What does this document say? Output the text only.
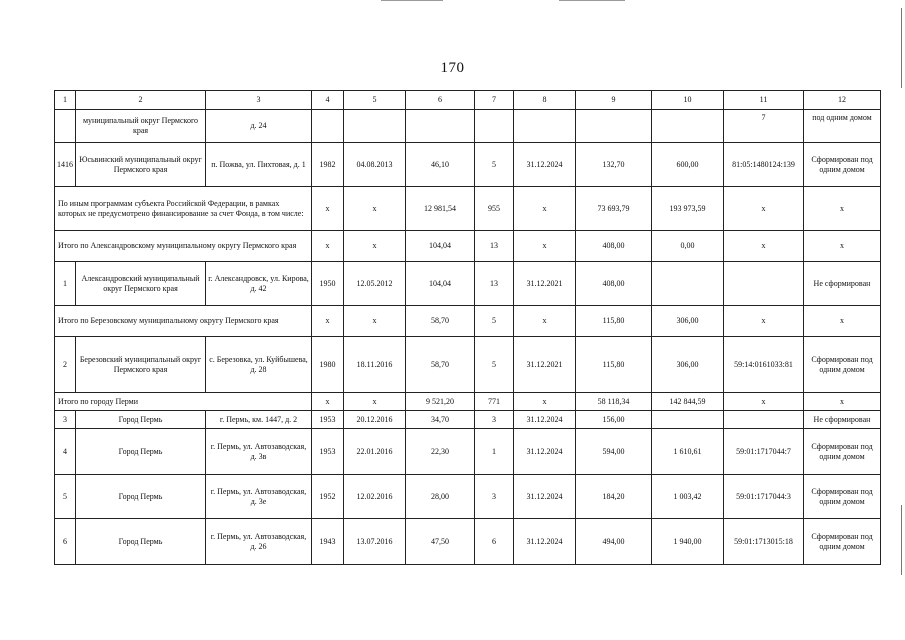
170
1	2	3	4	5	6	7	8	9	10	11	12
	муниципальный округ Пермского края	д. 24								7	под одним домом
1416	Юсьвинский муниципальный округ Пермского края	п. Пожва, ул. Пихтовая, д. 1	1982	04.08.2013	46,10	5	31.12.2024	132,70	600,00	81:05:1480124:139	Сформирован под одним домом
По иным программам субъекта Российской Федерации, в рамках которых не предусмотрено финансирование за счет Фонда, в том числе:			x	x	12 981,54	955	x	73 693,79	193 973,59	x	x
Итого по Александровскому муниципальному округу Пермского края			x	x	104,04	13	x	408,00	0,00	x	x
1	Александровский муниципальный округ Пермского края	г. Александровск, ул. Кирова, д. 42	1950	12.05.2012	104,04	13	31.12.2021	408,00			Не сформирован
Итого по Березовскому муниципальному округу Пермского края			x	x	58,70	5	x	115,80	306,00	x	x
2	Березовский муниципальный округ Пермского края	с. Березовка, ул. Куйбышева, д. 28	1980	18.11.2016	58,70	5	31.12.2021	115,80	306,00	59:14:0161033:81	Сформирован под одним домом
Итого по городу Перми			x	x	9 521,20	771	x	58 118,34	142 844,59	x	x
3	Город Пермь	г. Пермь, км. 1447, д. 2	1953	20.12.2016	34,70	3	31.12.2024	156,00			Не сформирован
4	Город Пермь	г. Пермь, ул. Автозаводская, д. 3в	1953	22.01.2016	22,30	1	31.12.2024	594,00	1 610,61	59:01:1717044:7	Сформирован под одним домом
5	Город Пермь	г. Пермь, ул. Автозаводская, д. 3е	1952	12.02.2016	28,00	3	31.12.2024	184,20	1 003,42	59:01:1717044:3	Сформирован под одним домом
6	Город Пермь	г. Пермь, ул. Автозаводская, д. 26	1943	13.07.2016	47,50	6	31.12.2024	494,00	1 940,00	59:01:1713015:18	Сформирован под одним домом
